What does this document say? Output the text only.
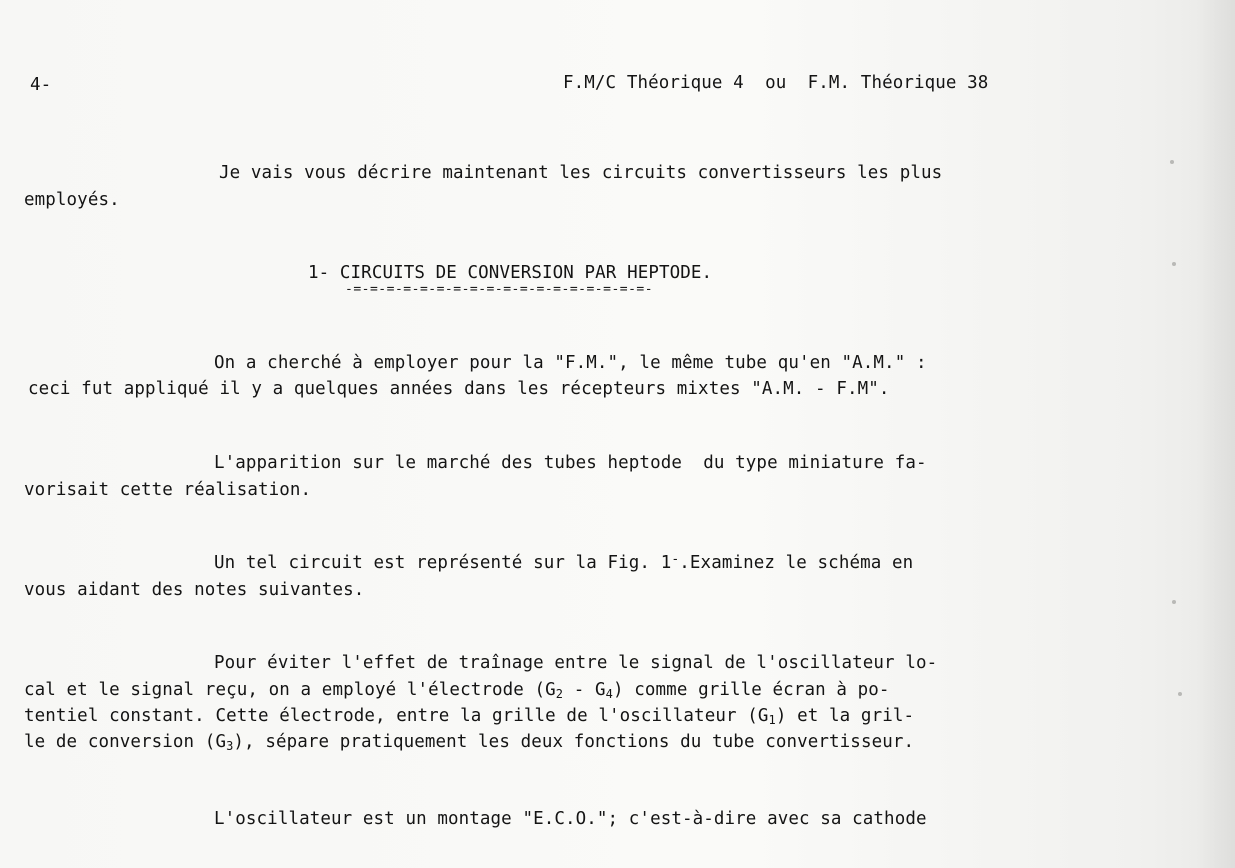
4-	F.M/C Théorique 4  ou  F.M. Théorique 38
Je vais vous décrire maintenant les circuits convertisseurs les plus
employés.
1- CIRCUITS DE CONVERSION PAR HEPTODE.
-=-=-=-=-=-=-=-=-=-=-=-=-=-=-=-=-=-=-
On a cherché à employer pour la "F.M.", le même tube qu'en "A.M." :
ceci fut appliqué il y a quelques années dans les récepteurs mixtes "A.M. - F.M".
L'apparition sur le marché des tubes heptode  du type miniature fa-
vorisait cette réalisation.
Un tel circuit est représenté sur la Fig. 1-.Examinez le schéma en
vous aidant des notes suivantes.
Pour éviter l'effet de traînage entre le signal de l'oscillateur lo-
cal et le signal reçu, on a employé l'électrode $(G_2 - G_4)$ comme grille écran à po-
tentiel constant. Cette électrode, entre la grille de l'oscillateur $(G_1)$ et la gril-
le de conversion $(G_3)$, sépare pratiquement les deux fonctions du tube convertisseur.
L'oscillateur est un montage "E.C.O."; c'est-à-dire avec sa cathode
